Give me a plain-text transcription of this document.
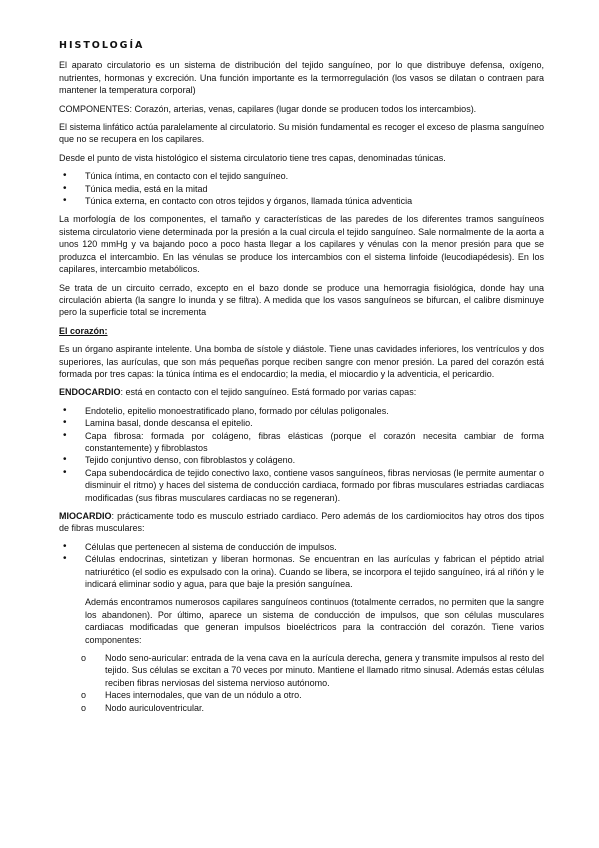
HISTOLOGÍA

El aparato circulatorio es un sistema de distribución del tejido sanguíneo, por lo que distribuye defensa, oxígeno, nutrientes, hormonas y excreción. Una función importante es la termorregulación (los vasos se dilatan o contraen para mantener la temperatura corporal)

COMPONENTES: Corazón, arterias, venas, capilares (lugar donde se producen todos los intercambios).

El sistema linfático actúa paralelamente al circulatorio. Su misión fundamental es recoger el exceso de plasma sanguíneo que no se recupera en los capilares.

Desde el punto de vista histológico el sistema circulatorio tiene tres capas, denominadas túnicas.

• Túnica íntima, en contacto con el tejido sanguíneo.
• Túnica media, está en la mitad
• Túnica externa, en contacto con otros tejidos y órganos, llamada túnica adventicia

La morfología de los componentes, el tamaño y características de las paredes de los diferentes tramos sanguíneos sistema circulatorio viene determinada por la presión a la cual circula el tejido sanguíneo. Sale normalmente de la aorta a unos 120 mmHg y va bajando poco a poco hasta llegar a los capilares y vénulas con la menor presión para que se produzca el intercambio. En las vénulas se produce los intercambios con el sistema linfoide (leucodiapédesis). En los capilares, intercambio metabólicos.

Se trata de un circuito cerrado, excepto en el bazo donde se produce una hemorragia fisiológica, donde hay una circulación abierta (la sangre lo inunda y se filtra). A medida que los vasos sanguíneos se bifurcan, el calibre disminuye pero la superficie total se incrementa

El corazón:

Es un órgano aspirante intelente. Una bomba de sístole y diástole. Tiene unas cavidades inferiores, los ventrículos y dos superiores, las aurículas, que son más pequeñas porque reciben sangre con menor presión. La pared del corazón está formada por tres capas: la túnica íntima es el endocardio; la media, el miocardio y la adventicia, el pericardio.

ENDOCARDIO: está en contacto con el tejido sanguíneo. Está formado por varias capas:

• Endotelio, epitelio monoestratificado plano, formado por células poligonales.
• Lamina basal, donde descansa el epitelio.
• Capa fibrosa: formada por colágeno, fibras elásticas (porque el corazón necesita cambiar de forma constantemente) y fibroblastos
• Tejido conjuntivo denso, con fibroblastos y colágeno.
• Capa subendocárdica de tejido conectivo laxo, contiene vasos sanguíneos, fibras nerviosas (le permite aumentar o disminuir el ritmo) y haces del sistema de conducción cardiaca, formado por fibras musculares estriadas cardiacas modificadas (sus fibras musculares cardiacas no se regeneran).

MIOCARDIO: prácticamente todo es musculo estriado cardiaco. Pero además de los cardiomiocitos hay otros dos tipos de fibras musculares:

• Células que pertenecen al sistema de conducción de impulsos.
• Células endocrinas, sintetizan y liberan hormonas. Se encuentran en las aurículas y fabrican el péptido atrial natriurético (el sodio es expulsado con la orina). Cuando se libera, se incorpora el tejido sanguíneo, irá al riñón y le indicará eliminar sodio y agua, para que baje la presión sanguínea.

Además encontramos numerosos capilares sanguíneos continuos (totalmente cerrados, no permiten que la sangre los abandonen). Por último, aparece un sistema de conducción de impulsos, que son células musculares cardiacas modificadas que generan impulsos bioeléctricos para la contracción del corazón. Tiene varios componentes:

o Nodo seno-auricular: entrada de la vena cava en la aurícula derecha, genera y transmite impulsos al resto del tejido. Sus células se excitan a 70 veces por minuto. Mantiene el llamado ritmo sinusal. Además estas células reciben fibras nerviosas del sistema nervioso autónomo.
o Haces internodales, que van de un nódulo a otro.
o Nodo auriculoventricular.
